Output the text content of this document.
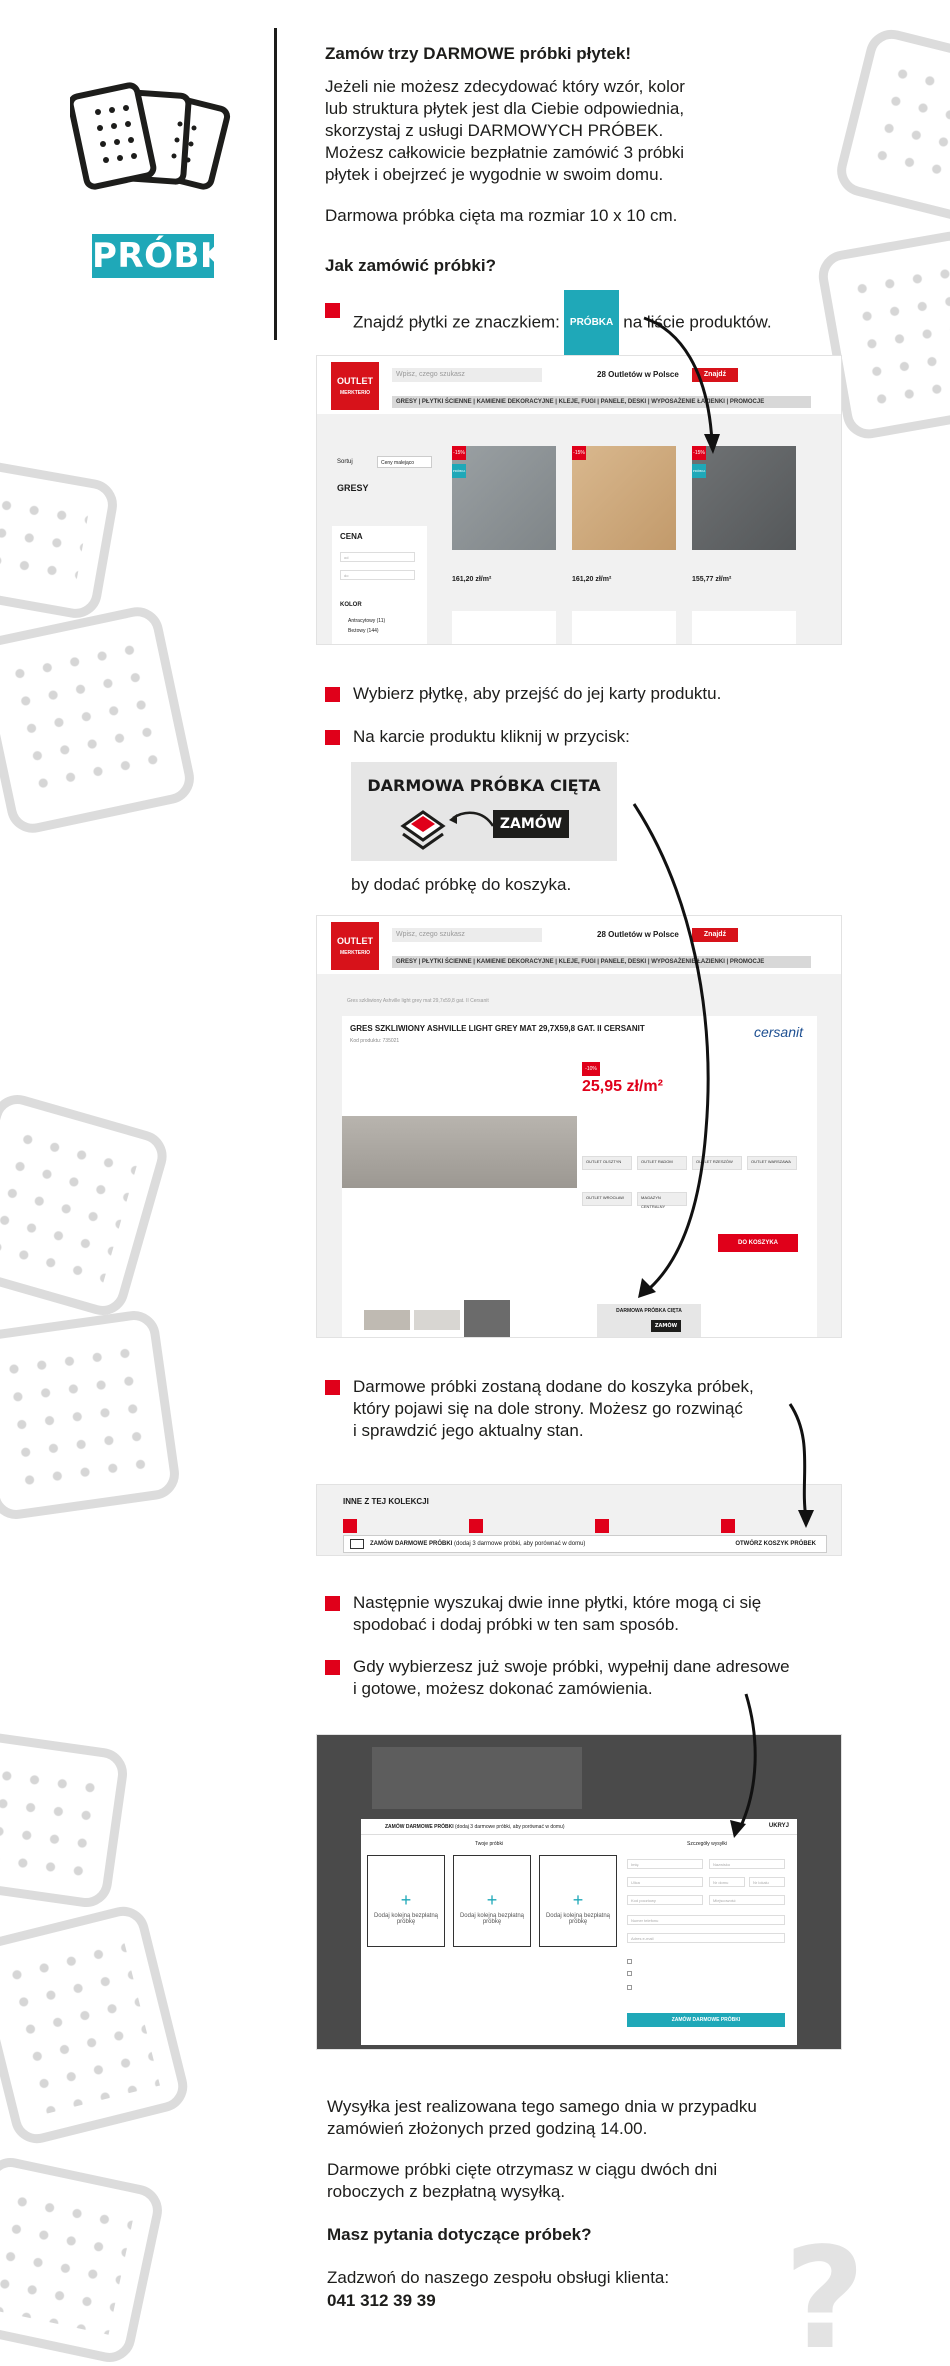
?
PRÓBKI
Zamów trzy DARMOWE próbki płytek!
Jeżeli nie możesz zdecydować który wzór, kolor
lub struktura płytek jest dla Ciebie odpowiednia,
skorzystaj z usługi DARMOWYCH PRÓBEK.
Możesz całkowicie bezpłatnie zamówić 3 próbki
płytek i obejrzeć je wygodnie w swoim domu.
Darmowa próbka cięta ma rozmiar 10 x 10 cm.
Jak zamówić próbki?
Znajdź płytki ze znaczkiem: PRÓBKA na liście produktów.
OUTLET
MERKTERIO
Wpisz, czego szukasz	28 Outletów w Polsce	Znajdź
GRESY | PŁYTKI ŚCIENNE | KAMIENIE DEKORACYJNE | KLEJE, FUGI | PANELE, DESKI | WYPOSAŻENIE ŁAZIENKI | PROMOCJE
GRESY
Sortuj	Ceny malejąco
CENA
od
do
KOLOR
Antracytowy (11)
Beżowy (144)
-15%	-15%	-15%
PRÓBKA	PRÓBKA
161,20 zł/m²	161,20 zł/m²	155,77 zł/m²
Wybierz płytkę, aby przejść do jej karty produktu.
Na karcie produktu kliknij w przycisk:
DARMOWA PRÓBKA CIĘTA
ZAMÓW
by dodać próbkę do koszyka.
OUTLET
MERKTERIO
Wpisz, czego szukasz	28 Outletów w Polsce	Znajdź
GRESY | PŁYTKI ŚCIENNE | KAMIENIE DEKORACYJNE | KLEJE, FUGI | PANELE, DESKI | WYPOSAŻENIE ŁAZIENKI | PROMOCJE
Gres szkliwiony Ashville light grey mat 29,7x59,8 gat. II Cersanit
GRES SZKLIWIONY ASHVILLE LIGHT GREY MAT 29,7X59,8 GAT. II CERSANIT
Kod produktu: 735021
cersanit
-10%
25,95 zł/m²
OUTLET OLSZTYN	OUTLET RADOM	OUTLET RZESZÓW	OUTLET WARSZAWA
OUTLET WROCŁAW	MAGAZYN CENTRALNY
DO KOSZYKA
DARMOWA PRÓBKA CIĘTA
ZAMÓW
Darmowe próbki zostaną dodane do koszyka próbek,
który pojawi się na dole strony. Możesz go rozwinąć
i sprawdzić jego aktualny stan.
INNE Z TEJ KOLEKCJI
ZAMÓW DARMOWE PRÓBKI (dodaj 3 darmowe próbki, aby porównać w domu)	OTWÓRZ KOSZYK PRÓBEK
Następnie wyszukaj dwie inne płytki, które mogą ci się
spodobać i dodaj próbki w ten sam sposób.
Gdy wybierzesz już swoje próbki, wypełnij dane adresowe
i gotowe, możesz dokonać zamówienia.
ZAMÓW DARMOWE PRÓBKI (dodaj 3 darmowe próbki, aby porównać w domu)	UKRYJ
Twoje próbki	Szczegóły wysyłki
+
Dodaj kolejną bezpłatną próbkę
+
Dodaj kolejną bezpłatną próbkę
+
Dodaj kolejną bezpłatną próbkę
Imię	Nazwisko
Ulica	Nr domu	Nr lokalu
Kod pocztowy	Miejscowość
Numer telefonu
Adres e-mail
ZAMÓW DARMOWE PRÓBKI
Wysyłka jest realizowana tego samego dnia w przypadku
zamówień złożonych przed godziną 14.00.
Darmowe próbki cięte otrzymasz w ciągu dwóch dni
roboczych z bezpłatną wysyłką.
Masz pytania dotyczące próbek?
Zadzwoń do naszego zespołu obsługi klienta:
041 312 39 39
